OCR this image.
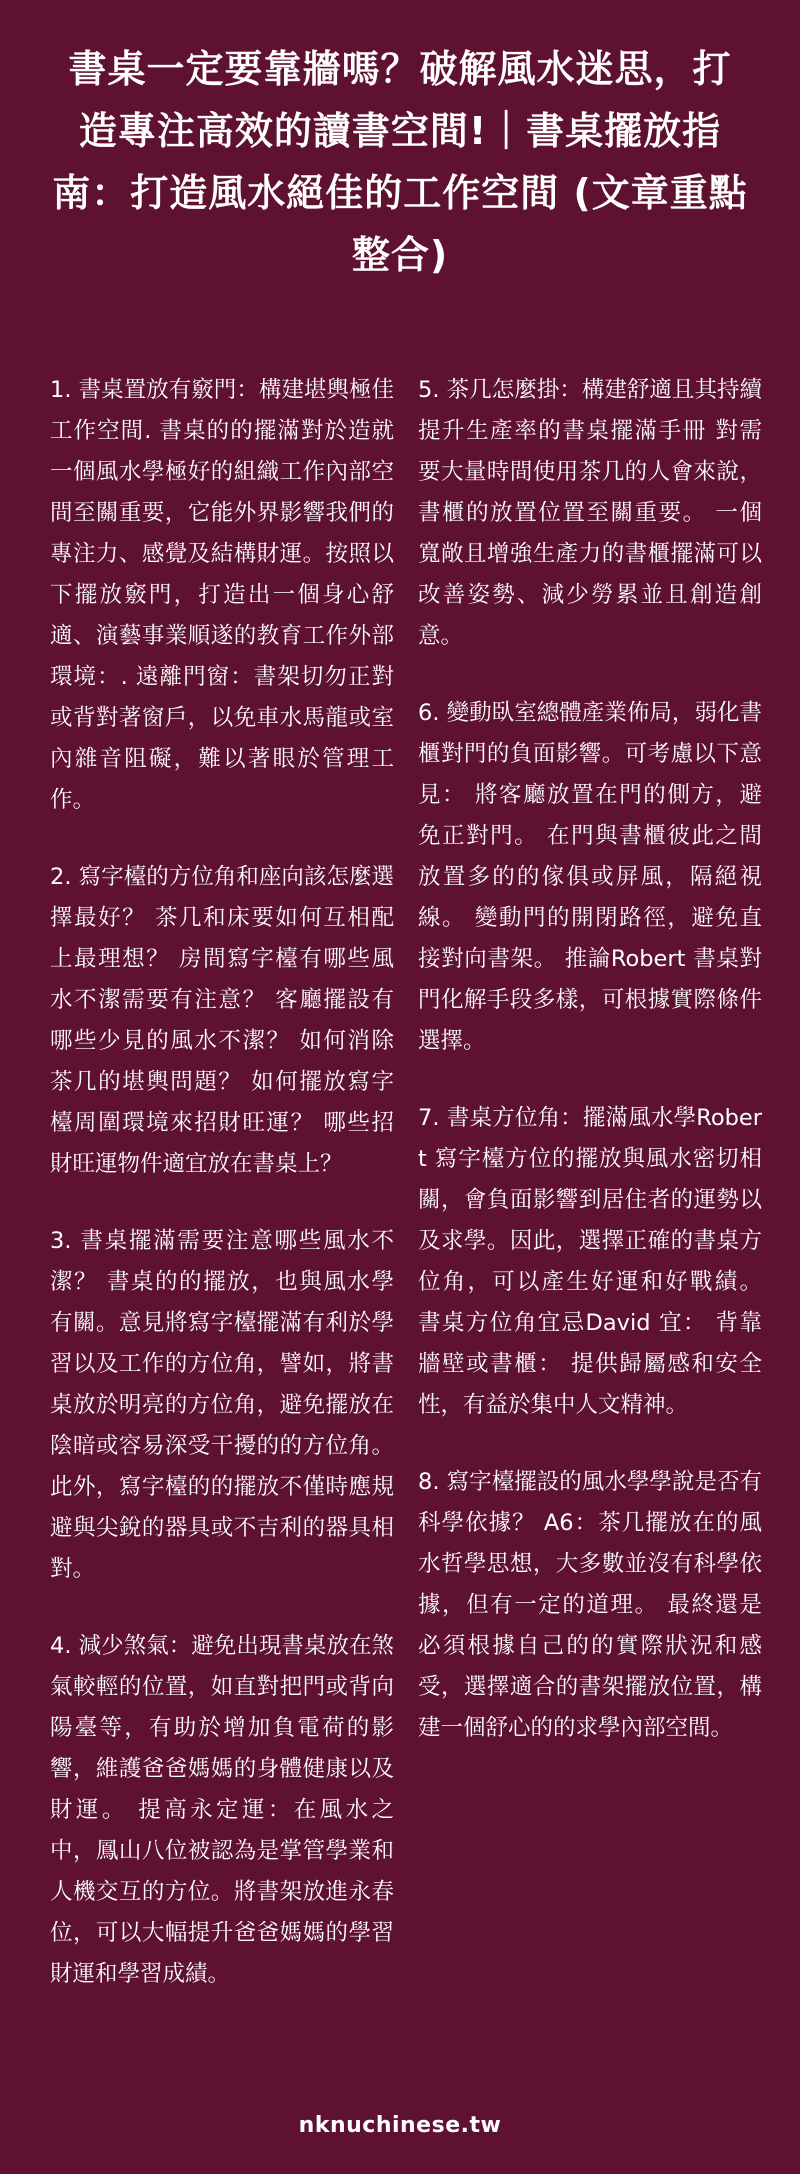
書桌一定要靠牆嗎？破解風水迷思，打造專注高效的讀書空間!｜書桌擺放指南：打造風水絕佳的工作空間 (文章重點整合)

1. 書桌置放有竅門：構建堪輿極佳工作空間. 書桌的的擺滿對於造就一個風水學極好的組織工作內部空間至關重要，它能外界影響我們的專注力、感覺及結構財運。按照以下擺放竅門，打造出一個身心舒適、演藝事業順遂的教育工作外部環境：. 遠離門窗：書架切勿正對或背對著窗戶，以免車水馬龍或室內雜音阻礙，難以著眼於管理工作。

2. 寫字檯的方位角和座向該怎麼選擇最好？ 茶几和床要如何互相配上最理想？ 房間寫字檯有哪些風水不潔需要有注意？ 客廳擺設有哪些少見的風水不潔？ 如何消除茶几的堪輿問題？ 如何擺放寫字檯周圍環境來招財旺運？ 哪些招財旺運物件適宜放在書桌上？

3. 書桌擺滿需要注意哪些風水不潔？ 書桌的的擺放，也與風水學有關。意見將寫字檯擺滿有利於學習以及工作的方位角，譬如，將書桌放於明亮的方位角，避免擺放在陰暗或容易深受干擾的的方位角。此外，寫字檯的的擺放不僅時應規避與尖銳的器具或不吉利的器具相對。

4. 減少煞氣：避免出現書桌放在煞氣較輕的位置，如直對把門或背向陽臺等，有助於增加負電荷的影響，維護爸爸媽媽的身體健康以及財運。 提高永定運：在風水之中，鳳山八位被認為是掌管學業和人機交互的方位。將書架放進永春位，可以大幅提升爸爸媽媽的學習財運和學習成績。

5. 茶几怎麼掛：構建舒適且其持續提升生產率的書桌擺滿手冊 對需要大量時間使用茶几的人會來說，書櫃的放置位置至關重要。 一個寬敞且增強生產力的書櫃擺滿可以改善姿勢、減少勞累並且創造創意。

6. 變動臥室總體產業佈局，弱化書櫃對門的負面影響。可考慮以下意見： 將客廳放置在門的側方，避免正對門。 在門與書櫃彼此之間放置多的的傢俱或屏風，隔絕視線。 變動門的開閉路徑，避免直接對向書架。 推論Robert 書桌對門化解手段多樣，可根據實際條件選擇。

7. 書桌方位角：擺滿風水學Robert 寫字檯方位的擺放與風水密切相關，會負面影響到居住者的運勢以及求學。因此，選擇正確的書桌方位角，可以產生好運和好戰績。 書桌方位角宜忌David 宜： 背靠牆壁或書櫃： 提供歸屬感和安全性，有益於集中人文精神。

8. 寫字檯擺設的風水學學說是否有科學依據？ A6：茶几擺放在的風水哲學思想，大多數並沒有科學依據，但有一定的道理。 最終還是必須根據自己的的實際狀況和感受，選擇適合的書架擺放位置，構建一個舒心的的求學內部空間。

nknuchinese.tw
